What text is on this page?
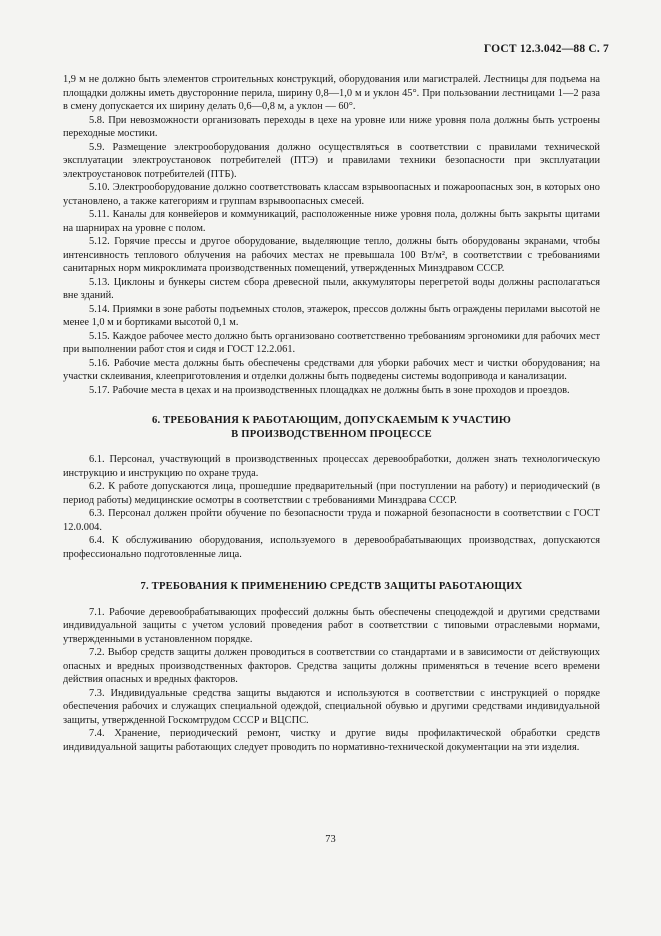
ГОСТ 12.3.042—88 С. 7

1,9 м не должно быть элементов строительных конструкций, оборудования или магистралей. Лестницы для подъема на площадки должны иметь двусторонние перила, ширину 0,8—1,0 м и уклон 45°. При пользовании лестницами 1—2 раза в смену допускается их ширину делать 0,6—0,8 м, а уклон — 60°.

5.8. При невозможности организовать переходы в цехе на уровне или ниже уровня пола должны быть устроены переходные мостики.

5.9. Размещение электрооборудования должно осуществляться в соответствии с правилами технической эксплуатации электроустановок потребителей (ПТЭ) и правилами техники безопасности при эксплуатации электроустановок потребителей (ПТБ).

5.10. Электрооборудование должно соответствовать классам взрывоопасных и пожароопасных зон, в которых оно установлено, а также категориям и группам взрывоопасных смесей.

5.11. Каналы для конвейеров и коммуникаций, расположенные ниже уровня пола, должны быть закрыты щитами на шарнирах на уровне с полом.

5.12. Горячие прессы и другое оборудование, выделяющие тепло, должны быть оборудованы экранами, чтобы интенсивность теплового облучения на рабочих местах не превышала 100 Вт/м², в соответствии с требованиями санитарных норм микроклимата производственных помещений, утвержденных Минздравом СССР.

5.13. Циклоны и бункеры систем сбора древесной пыли, аккумуляторы перегретой воды должны располагаться вне зданий.

5.14. Приямки в зоне работы подъемных столов, этажерок, прессов должны быть ограждены перилами высотой не менее 1,0 м и бортиками высотой 0,1 м.

5.15. Каждое рабочее место должно быть организовано соответственно требованиям эргономики для рабочих мест при выполнении работ стоя и сидя и ГОСТ 12.2.061.

5.16. Рабочие места должны быть обеспечены средствами для уборки рабочих мест и чистки оборудования; на участки склеивания, клееприготовления и отделки должны быть подведены системы водопривода и канализации.

5.17. Рабочие места в цехах и на производственных площадках не должны быть в зоне проходов и проездов.

6. ТРЕБОВАНИЯ К РАБОТАЮЩИМ, ДОПУСКАЕМЫМ К УЧАСТИЮ
В ПРОИЗВОДСТВЕННОМ ПРОЦЕССЕ

6.1. Персонал, участвующий в производственных процессах деревообработки, должен знать технологическую инструкцию и инструкцию по охране труда.

6.2. К работе допускаются лица, прошедшие предварительный (при поступлении на работу) и периодический (в период работы) медицинские осмотры в соответствии с требованиями Минздрава СССР.

6.3. Персонал должен пройти обучение по безопасности труда и пожарной безопасности в соответствии с ГОСТ 12.0.004.

6.4. К обслуживанию оборудования, используемого в деревообрабатывающих производствах, допускаются профессионально подготовленные лица.

7. ТРЕБОВАНИЯ К ПРИМЕНЕНИЮ СРЕДСТВ ЗАЩИТЫ РАБОТАЮЩИХ

7.1. Рабочие деревообрабатывающих профессий должны быть обеспечены спецодеждой и другими средствами индивидуальной защиты с учетом условий проведения работ в соответствии с типовыми отраслевыми нормами, утвержденными в установленном порядке.

7.2. Выбор средств защиты должен проводиться в соответствии со стандартами и в зависимости от действующих опасных и вредных производственных факторов. Средства защиты должны применяться в течение всего времени действия опасных и вредных факторов.

7.3. Индивидуальные средства защиты выдаются и используются в соответствии с инструкцией о порядке обеспечения рабочих и служащих специальной одеждой, специальной обувью и другими средствами индивидуальной защиты, утвержденной Госкомтрудом СССР и ВЦСПС.

7.4. Хранение, периодический ремонт, чистку и другие виды профилактической обработки средств индивидуальной защиты работающих следует проводить по нормативно-технической документации на эти изделия.

73
